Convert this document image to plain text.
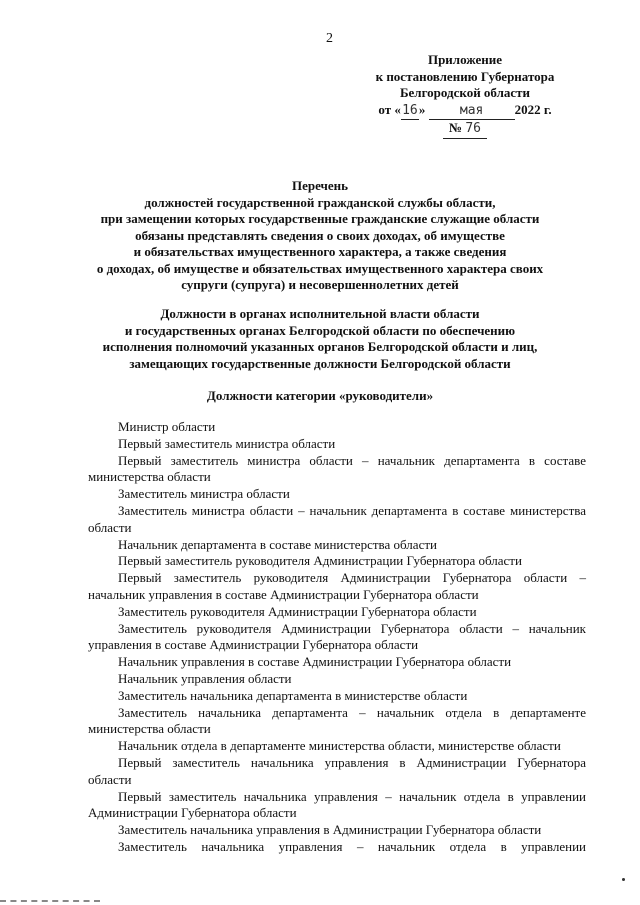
2
Приложение
к постановлению Губернатора
Белгородской области
от «16»	мая 2022 г.
№ 76
Перечень
должностей государственной гражданской службы области,
при замещении которых государственные гражданские служащие области
обязаны представлять сведения о своих доходах, об имуществе
и обязательствах имущественного характера, а также сведения
о доходах, об имуществе и обязательствах имущественного характера своих
супруги (супруга) и несовершеннолетних детей
Должности в органах исполнительной власти области
и государственных органах Белгородской области по обеспечению
исполнения полномочий указанных органов Белгородской области и лиц,
замещающих государственные должности Белгородской области
Должности категории «руководители»
Министр области
Первый заместитель министра области
Первый заместитель министра области – начальник департамента в составе министерства области
Заместитель министра области
Заместитель министра области – начальник департамента в составе министерства области
Начальник департамента в составе министерства области
Первый заместитель руководителя Администрации Губернатора области
Первый заместитель руководителя Администрации Губернатора области – начальник управления в составе Администрации Губернатора области
Заместитель руководителя Администрации Губернатора области
Заместитель руководителя Администрации Губернатора области – начальник управления в составе Администрации Губернатора области
Начальник управления в составе Администрации Губернатора области
Начальник управления области
Заместитель начальника департамента в министерстве области
Заместитель начальника департамента – начальник отдела в департаменте министерства области
Начальник отдела в департаменте министерства области, министерстве области
Первый заместитель начальника управления в Администрации Губернатора области
Первый заместитель начальника управления – начальник отдела в управлении Администрации Губернатора области
Заместитель начальника управления в Администрации Губернатора области
Заместитель начальника управления – начальник отдела в управлении
